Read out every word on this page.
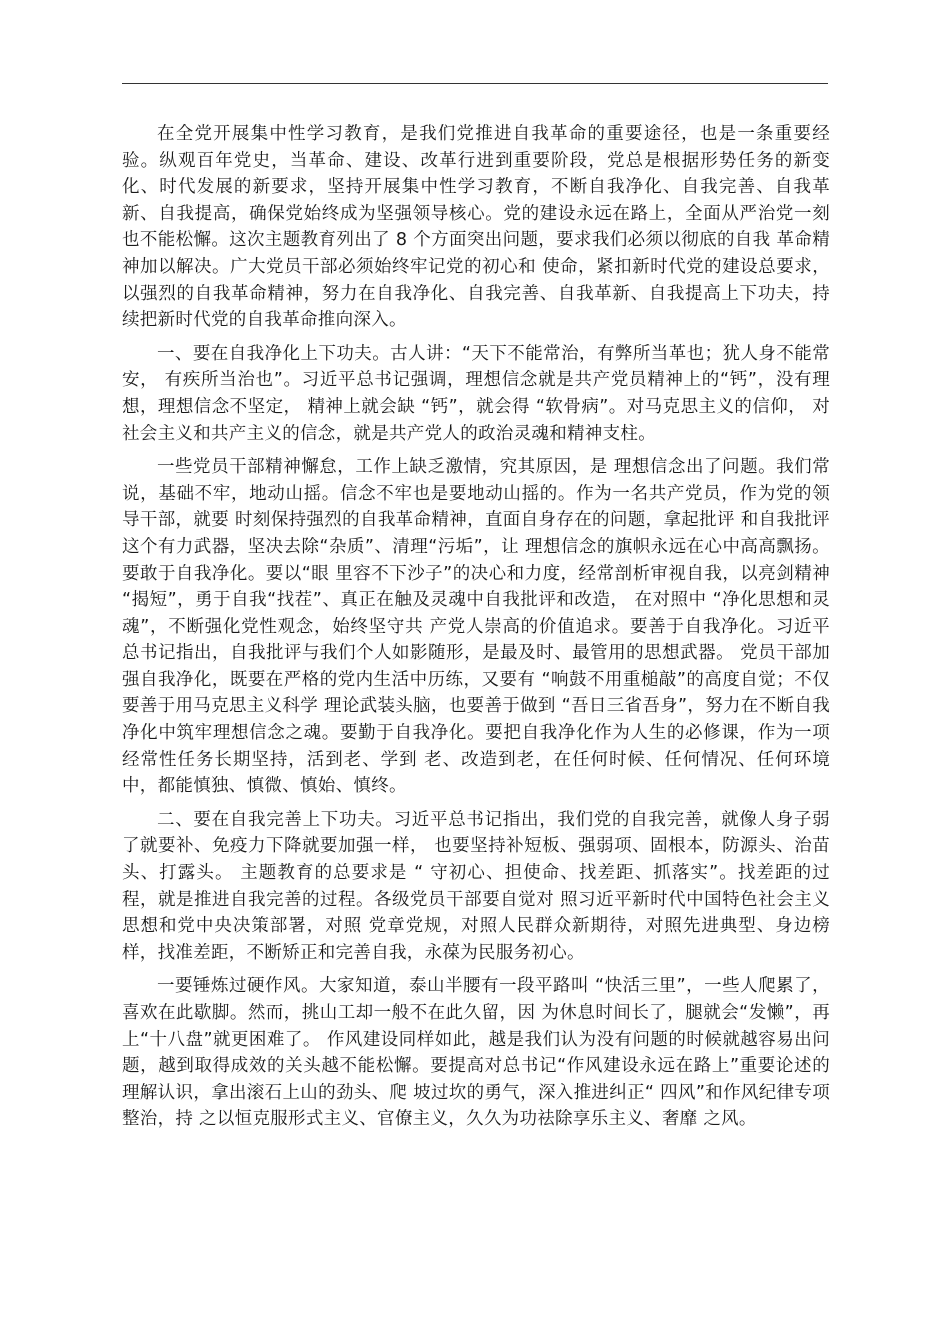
在全党开展集中性学习教育，是我们党推进自我革命的重要途径，也是一条重要经验。纵观百年党史，当革命、建设、改革行进到重要阶段，党总是根据形势任务的新变化、时代发展的新要求，坚持开展集中性学习教育，不断自我净化、自我完善、自我革新、自我提高，确保党始终成为坚强领导核心。党的建设永远在路上，全面从严治党一刻也不能松懈。这次主题教育列出了 8 个方面突出问题，要求我们必须以彻底的自我 革命精神加以解决。广大党员干部必须始终牢记党的初心和 使命，紧扣新时代党的建设总要求，以强烈的自我革命精神，努力在自我净化、自我完善、自我革新、自我提高上下功夫，持续把新时代党的自我革命推向深入。

一、要在自我净化上下功夫。古人讲：“天下不能常治，有弊所当革也；犹人身不能常安， 有疾所当治也”。习近平总书记强调，理想信念就是共产党员精神上的“钙”，没有理想，理想信念不坚定， 精神上就会缺 “钙”，就会得 “软骨病”。对马克思主义的信仰， 对社会主义和共产主义的信念，就是共产党人的政治灵魂和精神支柱。

一些党员干部精神懈怠，工作上缺乏激情，究其原因，是 理想信念出了问题。我们常说，基础不牢，地动山摇。信念不牢也是要地动山摇的。作为一名共产党员，作为党的领导干部，就要 时刻保持强烈的自我革命精神，直面自身存在的问题，拿起批评 和自我批评这个有力武器，坚决去除“杂质”、清理“污垢”，让 理想信念的旗帜永远在心中高高飘扬。要敢于自我净化。要以“眼 里容不下沙子”的决心和力度，经常剖析审视自我，以亮剑精神 “揭短”，勇于自我“找茬”、真正在触及灵魂中自我批评和改造， 在对照中 “净化思想和灵魂”，不断强化党性观念，始终坚守共 产党人崇高的价值追求。要善于自我净化。习近平总书记指出，自我批评与我们个人如影随形，是最及时、最管用的思想武器。 党员干部加强自我净化，既要在严格的党内生活中历练，又要有 “响鼓不用重槌敲”的高度自觉；不仅要善于用马克思主义科学 理论武装头脑，也要善于做到 “吾日三省吾身”，努力在不断自我净化中筑牢理想信念之魂。要勤于自我净化。要把自我净化作为人生的必修课，作为一项经常性任务长期坚持，活到老、学到 老、改造到老，在任何时候、任何情况、任何环境中，都能慎独、慎微、慎始、慎终。

二、要在自我完善上下功夫。习近平总书记指出，我们党的自我完善，就像人身子弱了就要补、免疫力下降就要加强一样， 也要坚持补短板、强弱项、固根本，防源头、治苗头、打露头。 主题教育的总要求是 “ 守初心、担使命、找差距、抓落实”。找差距的过程，就是推进自我完善的过程。各级党员干部要自觉对 照习近平新时代中国特色社会主义思想和党中央决策部署，对照 党章党规，对照人民群众新期待，对照先进典型、身边榜样，找准差距，不断矫正和完善自我，永葆为民服务初心。

一要锤炼过硬作风。大家知道，泰山半腰有一段平路叫 “快活三里”，一些人爬累了，喜欢在此歇脚。然而，挑山工却一般不在此久留，因 为休息时间长了，腿就会“发懒”，再上“十八盘”就更困难了。 作风建设同样如此，越是我们认为没有问题的时候就越容易出问 题，越到取得成效的关头越不能松懈。要提高对总书记“作风建设永远在路上”重要论述的理解认识，拿出滚石上山的劲头、爬 坡过坎的勇气，深入推进纠正“ 四风”和作风纪律专项整治，持 之以恒克服形式主义、官僚主义，久久为功祛除享乐主义、奢靡 之风。
